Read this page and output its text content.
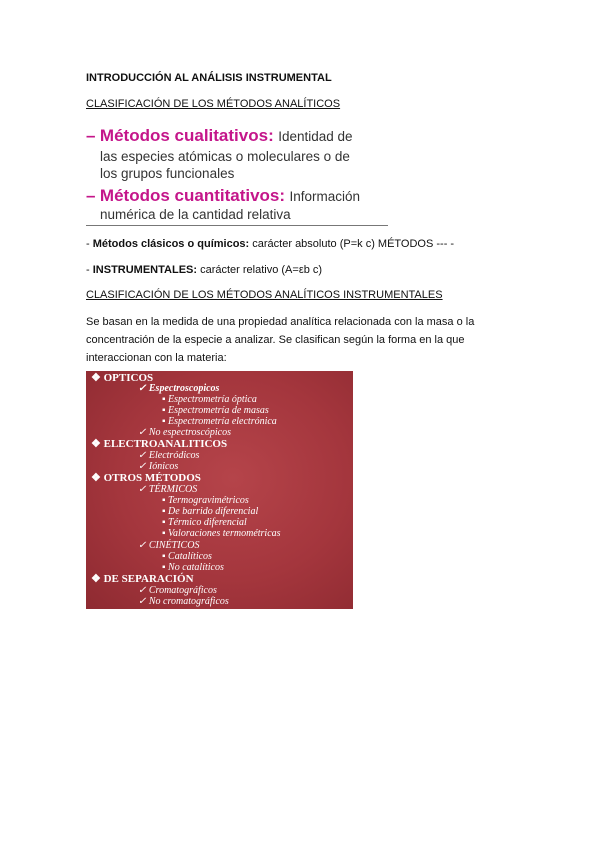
INTRODUCCIÓN AL ANÁLISIS INSTRUMENTAL
CLASIFICACIÓN DE LOS MÉTODOS ANALÍTICOS
– Métodos cualitativos: Identidad de
las especies atómicas o moleculares o de
los grupos funcionales
– Métodos cuantitativos: Información
numérica de la cantidad relativa
- Métodos clásicos o químicos: carácter absoluto (P=k c) MÉTODOS --- -
- INSTRUMENTALES: carácter relativo (A=εb c)
CLASIFICACIÓN DE LOS MÉTODOS ANALÍTICOS INSTRUMENTALES
Se basan en la medida de una propiedad analítica relacionada con la masa o la concentración de la especie a analizar. Se clasifican según la forma en la que interaccionan con la materia:
❖ OPTICOS
✓ Espectroscopicos
▪ Espectrometría óptica
▪ Espectrometría de masas
▪ Espectrometría electrónica
✓ No espectroscópicos
❖ ELECTROANALITICOS
✓ Electródicos
✓ Iónicos
❖ OTROS MÉTODOS
✓ TÉRMICOS
▪ Termogravimétricos
▪ De barrido diferencial
▪ Térmico diferencial
▪ Valoraciones termométricas
✓ CINÉTICOS
▪ Catalíticos
▪ No catalíticos
❖ DE SEPARACIÓN
✓ Cromatográficos
✓ No cromatográficos
